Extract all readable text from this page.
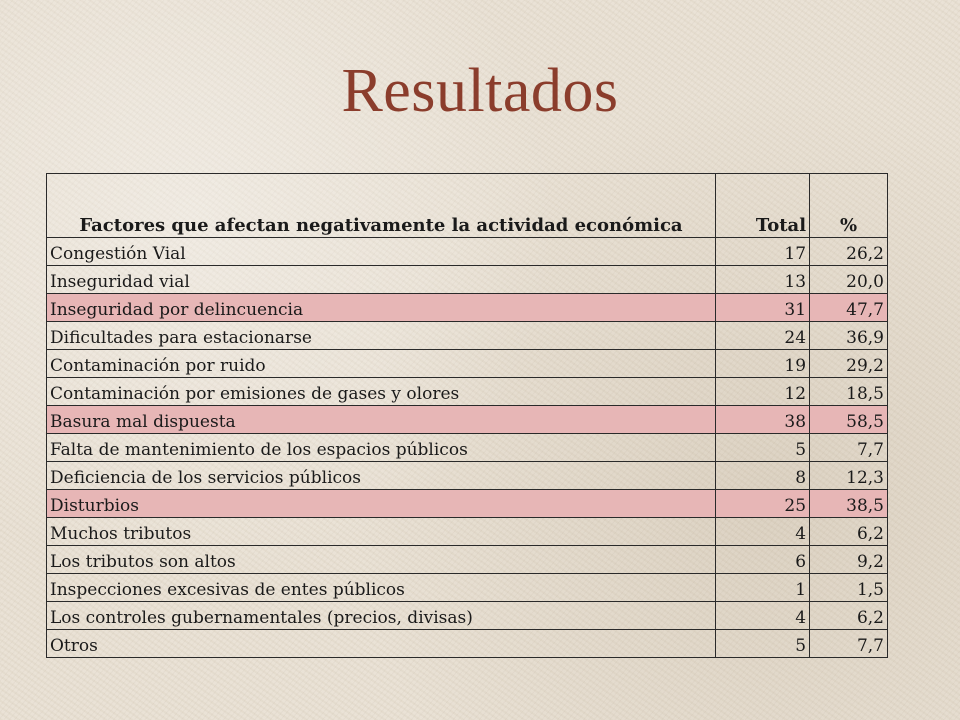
Resultados
Factores que afectan negativamente la actividad económica	Total	%
Congestión Vial	17	26,2
Inseguridad vial	13	20,0
Inseguridad por delincuencia	31	47,7
Dificultades para estacionarse	24	36,9
Contaminación por ruido	19	29,2
Contaminación por emisiones de gases y olores	12	18,5
Basura mal dispuesta	38	58,5
Falta de mantenimiento de los espacios públicos	5	7,7
Deficiencia de los servicios públicos	8	12,3
Disturbios	25	38,5
Muchos tributos	4	6,2
Los tributos son altos	6	9,2
Inspecciones excesivas de entes públicos	1	1,5
Los controles gubernamentales (precios, divisas)	4	6,2
Otros	5	7,7
